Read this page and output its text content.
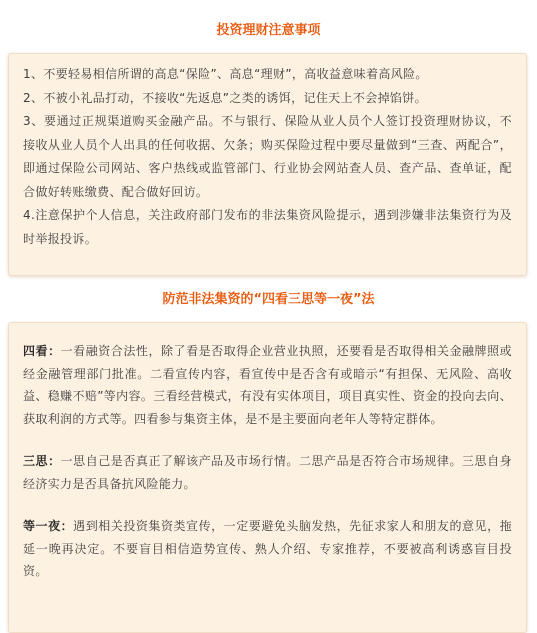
投资理财注意事项

1、不要轻易相信所谓的高息“保险”、高息“理财”，高收益意味着高风险。

2、不被小礼品打动，不接收“先返息”之类的诱饵，记住天上不会掉馅饼。

3、要通过正规渠道购买金融产品。不与银行、保险从业人员个人签订投资理财协议，不接收从业人员个人出具的任何收据、欠条；购买保险过程中要尽量做到“三查、两配合”，即通过保险公司网站、客户热线或监管部门、行业协会网站查人员、查产品、查单证，配合做好转账缴费、配合做好回访。

4.注意保护个人信息，关注政府部门发布的非法集资风险提示，遇到涉嫌非法集资行为及时举报投诉。

防范非法集资的“四看三思等一夜”法

四看：一看融资合法性，除了看是否取得企业营业执照，还要看是否取得相关金融牌照或经金融管理部门批准。二看宣传内容，看宣传中是否含有或暗示“有担保、无风险、高收益、稳赚不赔”等内容。三看经营模式，有没有实体项目，项目真实性、资金的投向去向、获取利润的方式等。四看参与集资主体，是不是主要面向老年人等特定群体。

三思：一思自己是否真正了解该产品及市场行情。二思产品是否符合市场规律。三思自身经济实力是否具备抗风险能力。

等一夜：遇到相关投资集资类宣传，一定要避免头脑发热，先征求家人和朋友的意见，拖延一晚再决定。不要盲目相信造势宣传、熟人介绍、专家推荐，不要被高利诱惑盲目投资。
